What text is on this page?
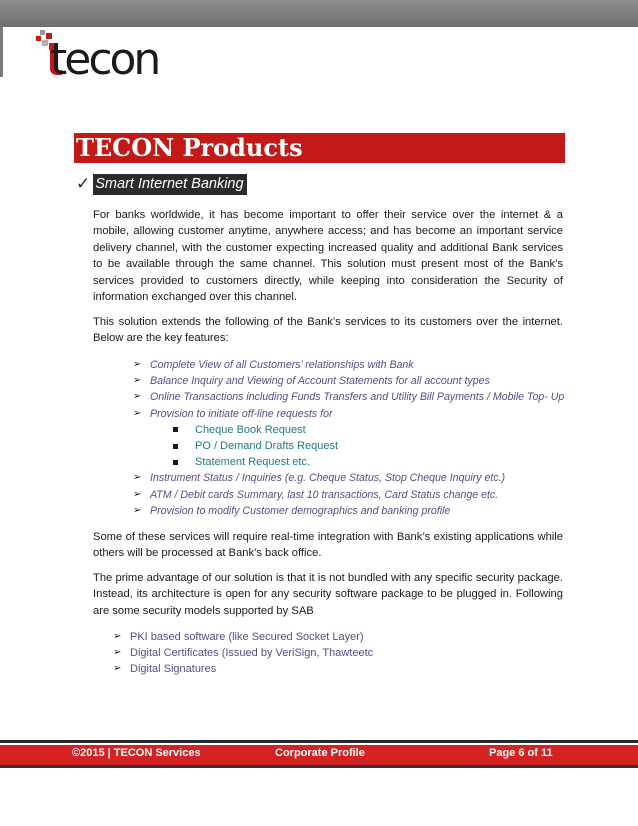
tecon
TECON Products
✓ Smart Internet Banking
For banks worldwide, it has become important to offer their service over the internet & a mobile, allowing customer anytime, anywhere access; and has become an important service delivery channel, with the customer expecting increased quality and additional Bank services to be available through the same channel. This solution must present most of the Bank’s services provided to customers directly, while keeping into consideration the Security of information exchanged over this channel.
This solution extends the following of the Bank’s services to its customers over the internet. Below are the key features:
➢ Complete View of all Customers’ relationships with Bank
➢ Balance Inquiry and Viewing of Account Statements for all account types
➢ Online Transactions including Funds Transfers and Utility Bill Payments / Mobile Top- Up
➢ Provision to initiate off-line requests for
Cheque Book Request
PO / Demand Drafts Request
Statement Request etc.
➢ Instrument Status / Inquiries (e.g. Cheque Status, Stop Cheque Inquiry etc.)
➢ ATM / Debit cards Summary, last 10 transactions, Card Status change etc.
➢ Provision to modify Customer demographics and banking profile
Some of these services will require real-time integration with Bank’s existing applications while others will be processed at Bank’s back office.
The prime advantage of our solution is that it is not bundled with any specific security package. Instead, its architecture is open for any security software package to be plugged in. Following are some security models supported by SAB
➢ PKI based software (like Secured Socket Layer)
➢ Digital Certificates (Issued by VeriSign, Thawteetc
➢ Digital Signatures
©2015 | TECON Services	Corporate Profile	Page 6 of 11
